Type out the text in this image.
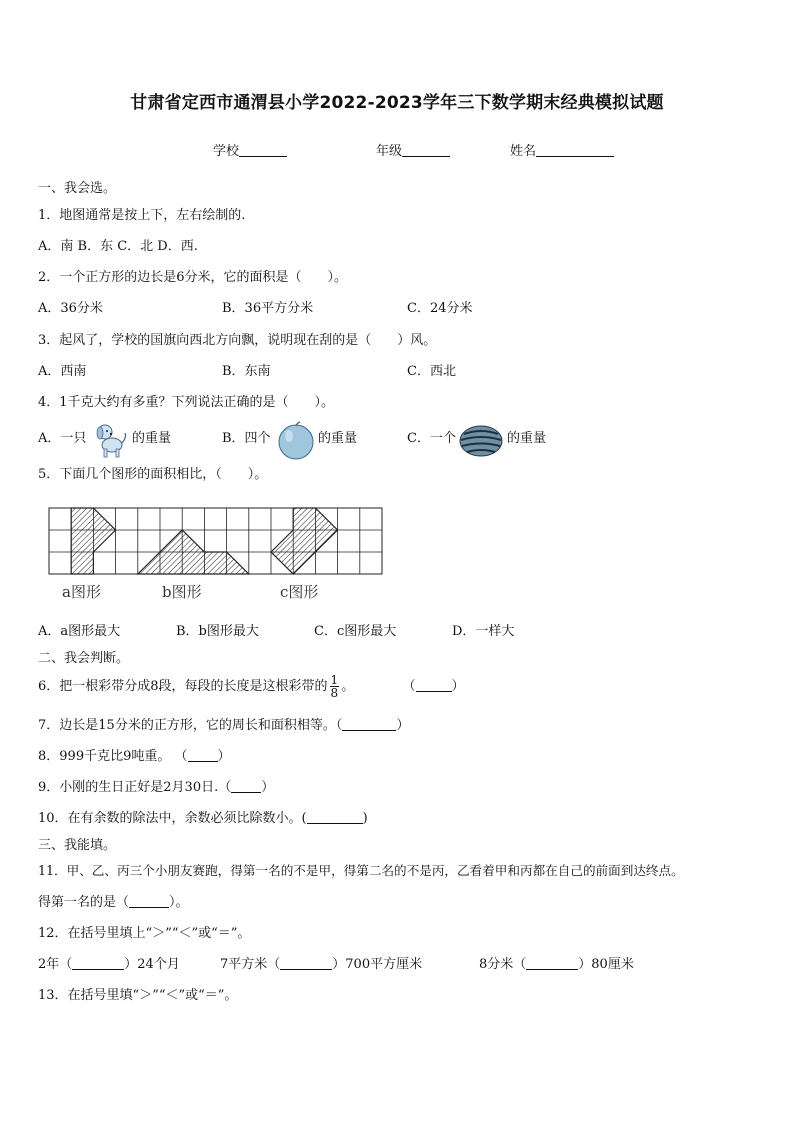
甘肃省定西市通渭县小学2022-2023学年三下数学期末经典模拟试题
学校	年级	姓名
一、我会选。
1．地图通常是按上下，左右绘制的.
A．南 B．东 C．北 D．西.
2．一个正方形的边长是6分米，它的面积是（　　）。
A．36分米	B．36平方分米	C．24分米
3．起风了，学校的国旗向西北方向飘，说明现在刮的是（　　）风。
A．西南	B．东南	C．西北
4．1千克大约有多重？下列说法正确的是（　　）。
A．一只	的重量	B．四个	的重量	C．一个	的重量
5．下面几个图形的面积相比，（　　）。
a图形	b图形	c图形
A．a图形最大	B．b图形最大	C．c图形最大	D．一样大
二、我会判断。
6．把一根彩带分成8段，每段的长度是这根彩带的 $\frac{1}{8}$ 。	（	）
7．边长是15分米的正方形，它的周长和面积相等。（	）
8．999千克比9吨重。 （ ）
9．小刚的生日正好是2月30日.（ ）
10．在有余数的除法中，余数必须比除数小。(	)
三、我能填。
11．甲、乙、丙三个小朋友赛跑，得第一名的不是甲，得第二名的不是丙，乙看着甲和丙都在自己的前面到达终点。
得第一名的是（	）。
12．在括号里填上“＞”“＜”或“＝”。
2年（	）24个月	7平方米（	）700平方厘米	8分米（	）80厘米
13．在括号里填“＞”“＜”或“＝”。
